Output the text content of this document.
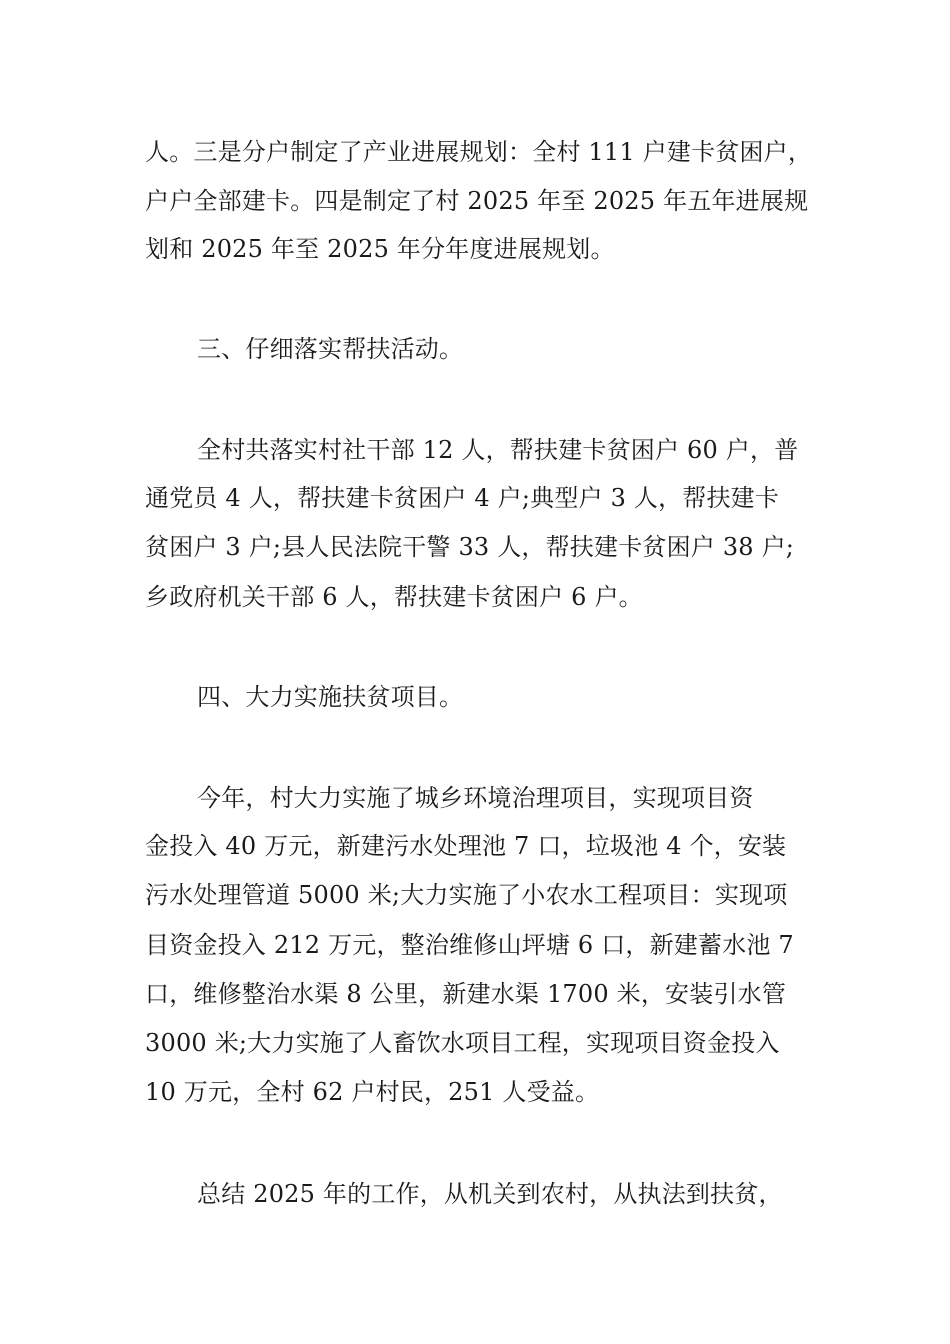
人。三是分户制定了产业进展规划：全村 111 户建卡贫困户，
户户全部建卡。四是制定了村 2025 年至 2025 年五年进展规
划和 2025 年至 2025 年分年度进展规划。
三、仔细落实帮扶活动。
全村共落实村社干部 12 人，帮扶建卡贫困户 60 户，普
通党员 4 人，帮扶建卡贫困户 4 户;典型户 3 人，帮扶建卡
贫困户 3 户;县人民法院干警 33 人，帮扶建卡贫困户 38 户;
乡政府机关干部 6 人，帮扶建卡贫困户 6 户。
四、大力实施扶贫项目。
今年，村大力实施了城乡环境治理项目，实现项目资
金投入 40 万元，新建污水处理池 7 口，垃圾池 4 个，安装
污水处理管道 5000 米;大力实施了小农水工程项目：实现项
目资金投入 212 万元，整治维修山坪塘 6 口，新建蓄水池 7
口，维修整治水渠 8 公里，新建水渠 1700 米，安装引水管
3000 米;大力实施了人畜饮水项目工程，实现项目资金投入
10 万元，全村 62 户村民，251 人受益。
总结 2025 年的工作，从机关到农村，从执法到扶贫，
